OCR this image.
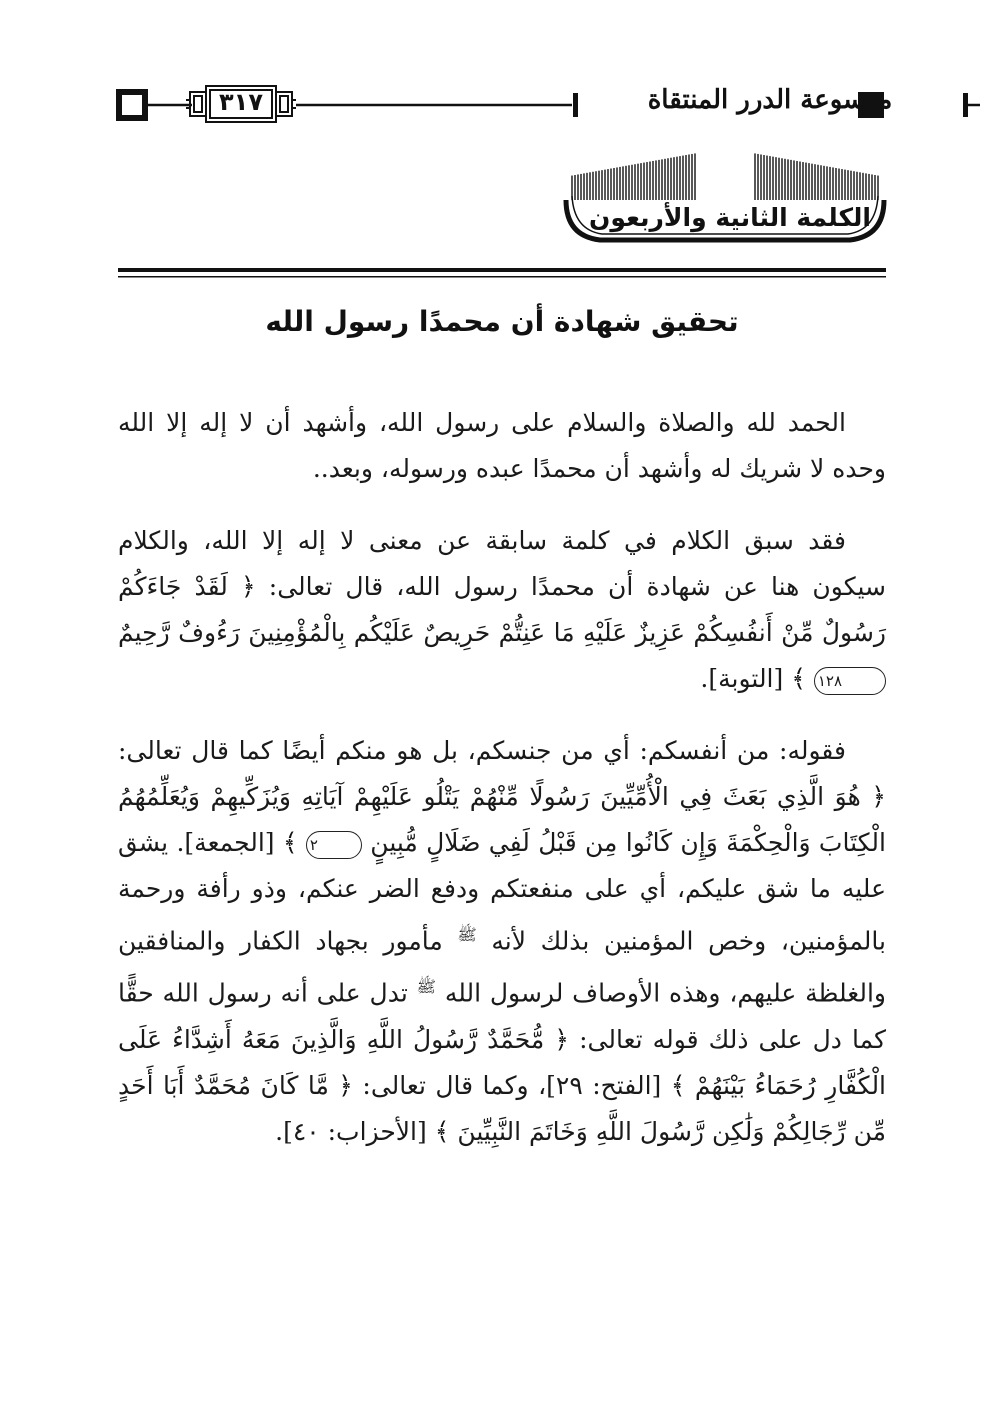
موسوعة الدرر المنتقاة
٣١٧
الكلمة الثانية والأربعون
تحقيق شهادة أن محمدًا رسول الله

الحمد لله والصلاة والسلام على رسول الله، وأشهد أن لا إله إلا الله وحده لا شريك له وأشهد أن محمدًا عبده ورسوله، وبعد..

فقد سبق الكلام في كلمة سابقة عن معنى لا إله إلا الله، والكلام سيكون هنا عن شهادة أن محمدًا رسول الله، قال تعالى: ﴿ لَقَدْ جَاءَكُمْ رَسُولٌ مِّنْ أَنفُسِكُمْ عَزِيزٌ عَلَيْهِ مَا عَنِتُّمْ حَرِيصٌ عَلَيْكُم بِالْمُؤْمِنِينَ رَءُوفٌ رَّحِيمٌ ١٢٨ ﴾ [التوبة].

فقوله: من أنفسكم: أي من جنسكم، بل هو منكم أيضًا كما قال تعالى: ﴿ هُوَ الَّذِي بَعَثَ فِي الْأُمِّيِّينَ رَسُولًا مِّنْهُمْ يَتْلُو عَلَيْهِمْ آيَاتِهِ وَيُزَكِّيهِمْ وَيُعَلِّمُهُمُ الْكِتَابَ وَالْحِكْمَةَ وَإِن كَانُوا مِن قَبْلُ لَفِي ضَلَالٍ مُّبِينٍ ٢ ﴾ [الجمعة]. يشق عليه ما شق عليكم، أي على منفعتكم ودفع الضر عنكم، وذو رأفة ورحمة بالمؤمنين، وخص المؤمنين بذلك لأنه $^ﷺ$ مأمور بجهاد الكفار والمنافقين والغلظة عليهم، وهذه الأوصاف لرسول الله $^ﷺ$ تدل على أنه رسول الله حقًّا كما دل على ذلك قوله تعالى: ﴿ مُّحَمَّدٌ رَّسُولُ اللَّهِ وَالَّذِينَ مَعَهُ أَشِدَّاءُ عَلَى الْكُفَّارِ رُحَمَاءُ بَيْنَهُمْ ﴾ [الفتح: ٢٩]، وكما قال تعالى: ﴿ مَّا كَانَ مُحَمَّدٌ أَبَا أَحَدٍ مِّن رِّجَالِكُمْ وَلَٰكِن رَّسُولَ اللَّهِ وَخَاتَمَ النَّبِيِّينَ ﴾ [الأحزاب: ٤٠].
